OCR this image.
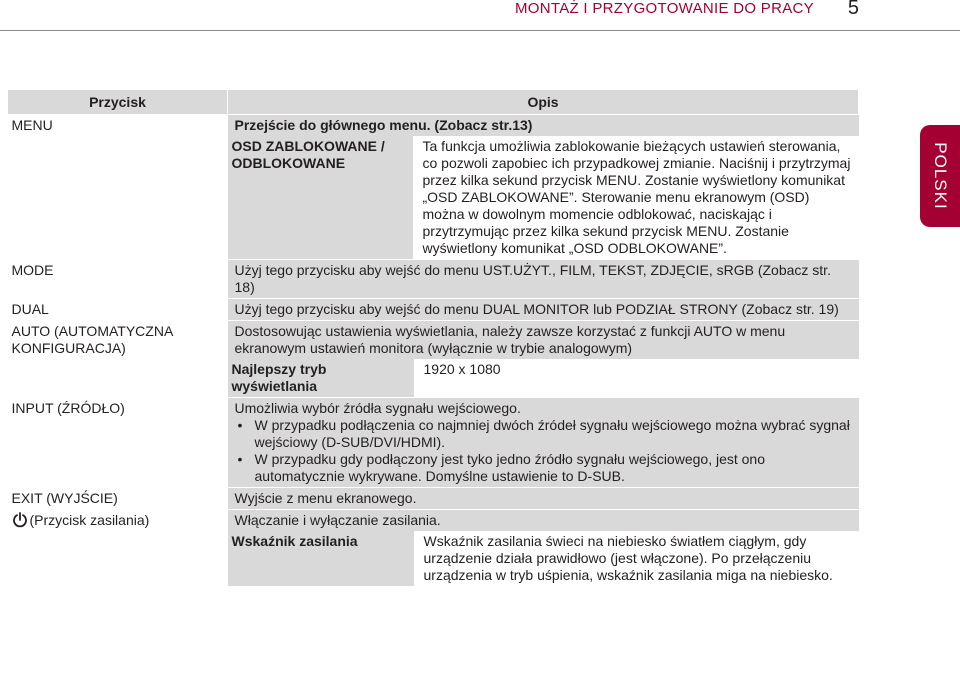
MONTAŻ I PRZYGOTOWANIE DO PRACY 5
POLSKI
Przycisk	Opis
MENU	Przejście do głównego menu. (Zobacz str.13)

OSD ZABLOKOWANE / ODBLOKOWANE	Ta funkcja umożliwia zablokowanie bieżących ustawień sterowania, co pozwoli zapobiec ich przypadkowej zmianie. Naciśnij i przytrzymaj przez kilka sekund przycisk MENU. Zostanie wyświetlony komunikat „OSD ZABLOKOWANE”. Sterowanie menu ekranowym (OSD) można w dowolnym momencie odblokować, naciskając i przytrzymując przez kilka sekund przycisk MENU. Zostanie wyświetlony komunikat „OSD ODBLOKOWANE”.

MODE	Użyj tego przycisku aby wejść do menu UST.UŻYT., FILM, TEKST, ZDJĘCIE, sRGB (Zobacz str. 18)
DUAL	Użyj tego przycisku aby wejść do menu DUAL MONITOR lub PODZIAŁ STRONY (Zobacz str. 19)
AUTO (AUTOMATYCZNA KONFIGURACJA)	Dostosowując ustawienia wyświetlania, należy zawsze korzystać z funkcji AUTO w menu ekranowym ustawień monitora (wyłącznie w trybie analogowym)

Najlepszy tryb wyświetlania	1920 x 1080

INPUT (ŹRÓDŁO)	Umożliwia wybór źródła sygnału wejściowego.
• W przypadku podłączenia co najmniej dwóch źródeł sygnału wejściowego można wybrać sygnał wejściowy (D-SUB/DVI/HDMI).
• W przypadku gdy podłączony jest tyko jedno źródło sygnału wejściowego, jest ono automatycznie wykrywane. Domyślne ustawienie to D-SUB.

EXIT (WYJŚCIE)	Wyjście z menu ekranowego.
(Przycisk zasilania)	Włączanie i wyłączanie zasilania.

Wskaźnik zasilania	Wskaźnik zasilania świeci na niebiesko światłem ciągłym, gdy urządzenie działa prawidłowo (jest włączone). Po przełączeniu urządzenia w tryb uśpienia, wskaźnik zasilania miga na niebiesko.
